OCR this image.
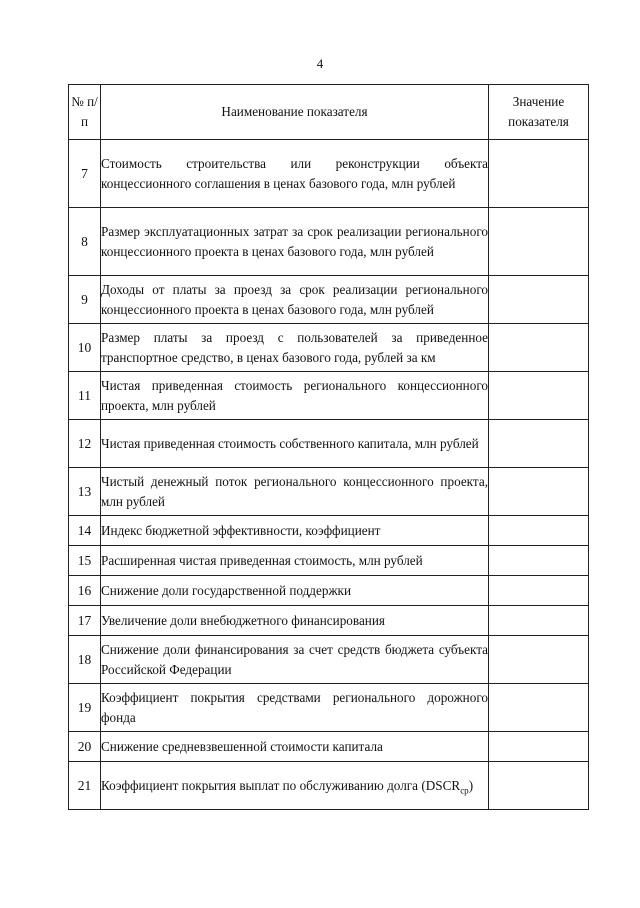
4
№ п/п	Наименование показателя	Значение показателя
7	Стоимость строительства или реконструкции объекта концессионного соглашения в ценах базового года, млн рублей	
8	Размер эксплуатационных затрат за срок реализации регионального концессионного проекта в ценах базового года, млн рублей	
9	Доходы от платы за проезд за срок реализации регионального концессионного проекта в ценах базового года, млн рублей	
10	Размер платы за проезд с пользователей за приведенное транспортное средство, в ценах базового года, рублей за км	
11	Чистая приведенная стоимость регионального концессионного проекта, млн рублей	
12	Чистая приведенная стоимость собственного капитала, млн рублей	
13	Чистый денежный поток регионального концессионного проекта, млн рублей	
14	Индекс бюджетной эффективности, коэффициент	
15	Расширенная чистая приведенная стоимость, млн рублей	
16	Снижение доли государственной поддержки	
17	Увеличение доли внебюджетного финансирования	
18	Снижение доли финансирования за счет средств бюджета субъекта Российской Федерации	
19	Коэффициент покрытия средствами регионального дорожного фонда	
20	Снижение средневзвешенной стоимости капитала	
21	Коэффициент покрытия выплат по обслуживанию долга $(DSCR_{ср})$	
